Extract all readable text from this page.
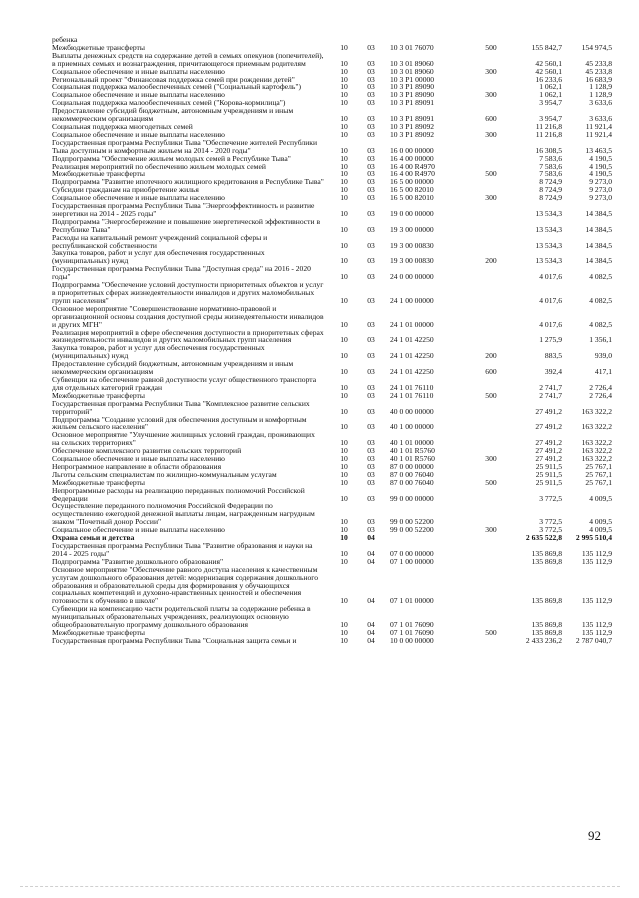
ребенка						
Межбюджетные трансферты	10	03	10 3 01 76070	500	155 842,7	154 974,5
Выплаты денежных средств на содержание детей в семьях опекунов (попечителей), в приемных семьях и вознаграждения, причитающегося приемным родителям	10	03	10 3 01 89060		42 560,1	45 233,8
Социальное обеспечение и иные выплаты населению	10	03	10 3 01 89060	300	42 560,1	45 233,8
Региональный проект "Финансовая поддержка семей при рождении детей"	10	03	10 3 P1 00000		16 233,6	16 683,9
Социальная поддержка малообеспеченных семей ("Социальный картофель")	10	03	10 3 P1 89090		1 062,1	1 128,9
Социальное обеспечение и иные выплаты населению	10	03	10 3 P1 89090	300	1 062,1	1 128,9
Социальная поддержка малообеспеченных семей ("Корова-кормилица")	10	03	10 3 P1 89091		3 954,7	3 633,6
Предоставление субсидий бюджетным, автономным учреждениям и иным некоммерческим организациям	10	03	10 3 P1 89091	600	3 954,7	3 633,6
Социальная поддержка многодетных семей	10	03	10 3 P1 89092		11 216,8	11 921,4
Социальное обеспечение и иные выплаты населению	10	03	10 3 P1 89092	300	11 216,8	11 921,4
Государственная программа Республики Тыва "Обеспечение жителей Республики Тыва доступным и комфортным жильем на 2014 - 2020 годы"	10	03	16 0 00 00000		16 308,5	13 463,5
Подпрограмма "Обеспечение жильем молодых семей в Республике Тыва"	10	03	16 4 00 00000		7 583,6	4 190,5
Реализация мероприятий по обеспечению жильем молодых семей	10	03	16 4 00 R4970		7 583,6	4 190,5
Межбюджетные трансферты	10	03	16 4 00 R4970	500	7 583,6	4 190,5
Подпрограмма "Развитие ипотечного жилищного кредитования в Республике Тыва"	10	03	16 5 00 00000		8 724,9	9 273,0
Субсидии гражданам на приобретение жилья	10	03	16 5 00 82010		8 724,9	9 273,0
Социальное обеспечение и иные выплаты населению	10	03	16 5 00 82010	300	8 724,9	9 273,0
Государственная программа Республики Тыва "Энергоэффективность и развитие энергетики на 2014 - 2025 годы"	10	03	19 0 00 00000		13 534,3	14 384,5
Подпрограмма "Энергосбережение и повышение энергетической эффективности в Республике Тыва"	10	03	19 3 00 00000		13 534,3	14 384,5
Расходы на капитальный ремонт учреждений социальной сферы и республиканской собственности	10	03	19 3 00 00830		13 534,3	14 384,5
Закупка товаров, работ и услуг для обеспечения государственных (муниципальных) нужд	10	03	19 3 00 00830	200	13 534,3	14 384,5
Государственная программа Республики Тыва "Доступная среда" на 2016 - 2020 годы"	10	03	24 0 00 00000		4 017,6	4 082,5
Подпрограмма "Обеспечение условий доступности приоритетных объектов и услуг в приоритетных сферах жизнедеятельности инвалидов и других маломобильных групп населения"	10	03	24 1 00 00000		4 017,6	4 082,5
Основное мероприятие "Совершенствование нормативно-правовой и организационной основы создания доступной среды жизнедеятельности инвалидов и других МГН"	10	03	24 1 01 00000		4 017,6	4 082,5
Реализация мероприятий в сфере обеспечения доступности в приоритетных сферах жизнедеятельности инвалидов и других маломобильных групп населения	10	03	24 1 01 42250		1 275,9	1 356,1
Закупка товаров, работ и услуг для обеспечения государственных (муниципальных) нужд	10	03	24 1 01 42250	200	883,5	939,0
Предоставление субсидий бюджетным, автономным учреждениям и иным некоммерческим организациям	10	03	24 1 01 42250	600	392,4	417,1
Субвенции на обеспечение равной доступности услуг общественного транспорта для отдельных категорий граждан	10	03	24 1 01 76110		2 741,7	2 726,4
Межбюджетные трансферты	10	03	24 1 01 76110	500	2 741,7	2 726,4
Государственная программа Республики Тыва "Комплексное развитие сельских территорий"	10	03	40 0 00 00000		27 491,2	163 322,2
Подпрограмма "Создание условий для обеспечения доступным и комфортным жильем сельского населения"	10	03	40 1 00 00000		27 491,2	163 322,2
Основное мероприятие "Улучшение жилищных условий граждан, проживающих на сельских территориях"	10	03	40 1 01 00000		27 491,2	163 322,2
Обеспечение комплексного развития сельских территорий	10	03	40 1 01 R5760		27 491,2	163 322,2
Социальное обеспечение и иные выплаты населению	10	03	40 1 01 R5760	300	27 491,2	163 322,2
Непрограммное направление в области образования	10	03	87 0 00 00000		25 911,5	25 767,1
Льготы сельским специалистам по жилищно-коммунальным услугам	10	03	87 0 00 76040		25 911,5	25 767,1
Межбюджетные трансферты	10	03	87 0 00 76040	500	25 911,5	25 767,1
Непрограммные расходы на реализацию переданных полномочий Российской Федерации	10	03	99 0 00 00000		3 772,5	4 009,5
Осуществление переданного полномочия Российской Федерации по осуществлению ежегодной денежной выплаты лицам, награжденным нагрудным знаком "Почетный донор России"	10	03	99 0 00 52200		3 772,5	4 009,5
Социальное обеспечение и иные выплаты населению	10	03	99 0 00 52200	300	3 772,5	4 009,5
Охрана семьи и детства	10	04			2 635 522,8	2 995 510,4
Государственная программа Республики Тыва "Развитие образования и науки на 2014 - 2025 годы"	10	04	07 0 00 00000		135 869,8	135 112,9
Подпрограмма "Развитие дошкольного образования"	10	04	07 1 00 00000		135 869,8	135 112,9
Основное мероприятие "Обеспечение равного доступа населения к качественным услугам дошкольного образования детей: модернизация содержания дошкольного образования и образовательной среды для формирования у обучающихся социальных компетенций и духовно-нравственных ценностей и обеспечения готовности к обучению в школе"	10	04	07 1 01 00000		135 869,8	135 112,9
Субвенции на компенсацию части родительской платы за содержание ребенка в муниципальных образовательных учреждениях, реализующих основную общеобразовательную программу дошкольного образования	10	04	07 1 01 76090		135 869,8	135 112,9
Межбюджетные трансферты	10	04	07 1 01 76090	500	135 869,8	135 112,9
Государственная программа Республики Тыва "Социальная защита семьи и	10	04	10 0 00 00000		2 433 236,2	2 787 040,7
92
